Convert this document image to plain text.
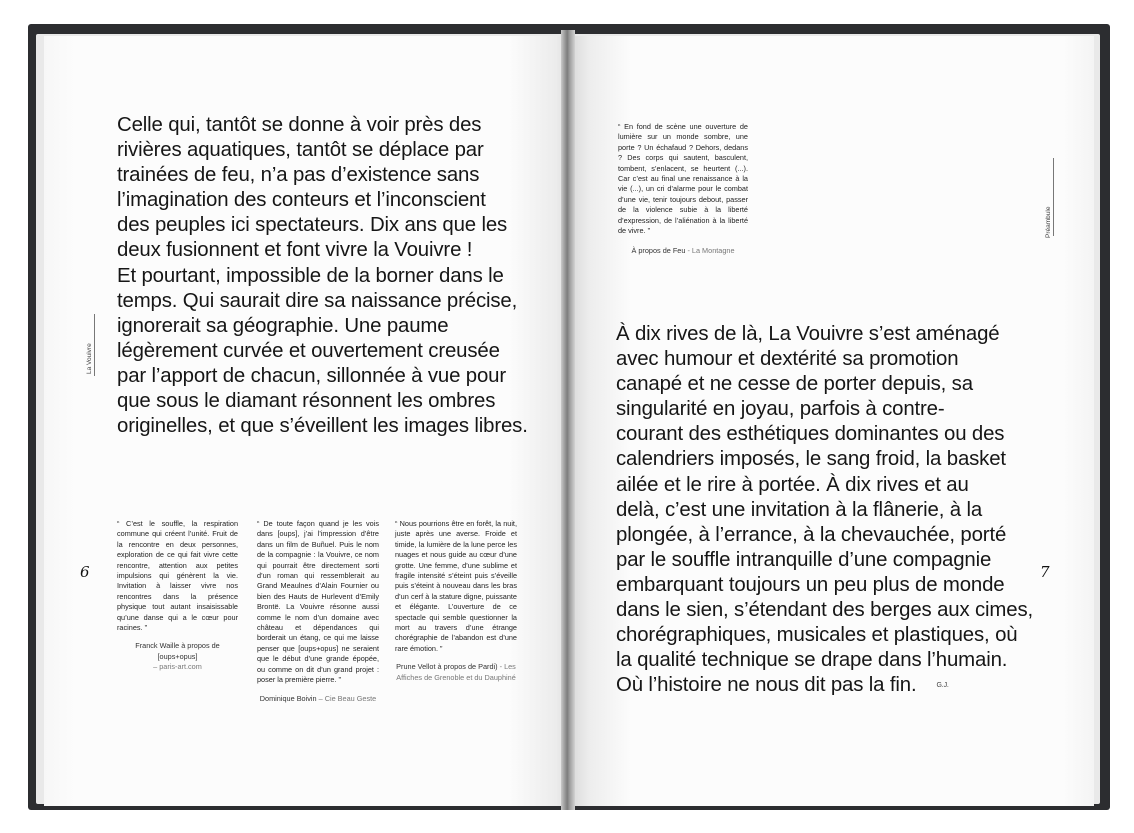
La Vouivre
Celle qui, tantôt se donne à voir près des
rivières aquatiques, tantôt se déplace par
trainées de feu, n’a pas d’existence sans
l’imagination des conteurs et l’inconscient
des peuples ici spectateurs. Dix ans que les
deux fusionnent et font vivre la Vouivre !
Et pourtant, impossible de la borner dans le
temps. Qui saurait dire sa naissance précise,
ignorerait sa géographie. Une paume
légèrement curvée et ouvertement creusée
par l’apport de chacun, sillonnée à vue pour
que sous le diamant résonnent les ombres
originelles, et que s’éveillent les images libres.
6
“ C’est le souffle, la respiration commune qui créent l’unité. Fruit de la rencontre en deux personnes, exploration de ce qui fait vivre cette rencontre, attention aux petites impulsions qui génèrent la vie. Invitation à laisser vivre nos rencontres dans la présence physique tout autant insaisissable qu’une danse qui a le cœur pour racines. ”
Franck Waille à propos de [oups+opus]
– paris-art.com
“ De toute façon quand je les vois dans [oups], j’ai l’impression d’être dans un film de Buñuel. Puis le nom de la compagnie : la Vouivre, ce nom qui pourrait être directement sorti d’un roman qui ressemblerait au Grand Meaulnes d’Alain Fournier ou bien des Hauts de Hurlevent d’Emily Brontë. La Vouivre résonne aussi comme le nom d’un domaine avec château et dépendances qui borderait un étang, ce qui me laisse penser que [oups+opus] ne seraient que le début d’une grande épopée, ou comme on dit d’un grand projet : poser la première pierre. ”
Dominique Boivin – Cie Beau Geste
“ Nous pourrions être en forêt, la nuit, juste après une averse. Froide et timide, la lumière de la lune perce les nuages et nous guide au cœur d’une grotte. Une femme, d’une sublime et fragile intensité s’éteint puis s’éveille puis s’éteint à nouveau dans les bras d’un cerf à la stature digne, puissante et élégante. L’ouverture de ce spectacle qui semble questionner la mort au travers d’une étrange chorégraphie de l’abandon est d’une rare émotion. ”
Prune Vellot à propos de Pardi) - Les Affiches de Grenoble et du Dauphiné
Préambule
“ En fond de scène une ouverture de lumière sur un monde sombre, une porte ? Un échafaud ? Dehors, dedans ? Des corps qui sautent, basculent, tombent, s’enlacent, se heurtent (...). Car c’est au final une renaissance à la vie (...), un cri d’alarme pour le combat d’une vie, tenir toujours debout, passer de la violence subie à la liberté d’expression, de l’aliénation à la liberté de vivre. ”
À propos de Feu - La Montagne
À dix rives de là, La Vouivre s’est aménagé
avec humour et dextérité sa promotion
canapé et ne cesse de porter depuis, sa
singularité en joyau, parfois à contre-
courant des esthétiques dominantes ou des
calendriers imposés, le sang froid, la basket
ailée et le rire à portée. À dix rives et au
delà, c’est une invitation à la flânerie, à la
plongée, à l’errance, à la chevauchée, porté
par le souffle intranquille d’une compagnie
embarquant toujours un peu plus de monde
dans le sien, s’étendant des berges aux cimes,
chorégraphiques, musicales et plastiques, où
la qualité technique se drape dans l’humain.
Où l’histoire ne nous dit pas la fin.	G.J.
7
